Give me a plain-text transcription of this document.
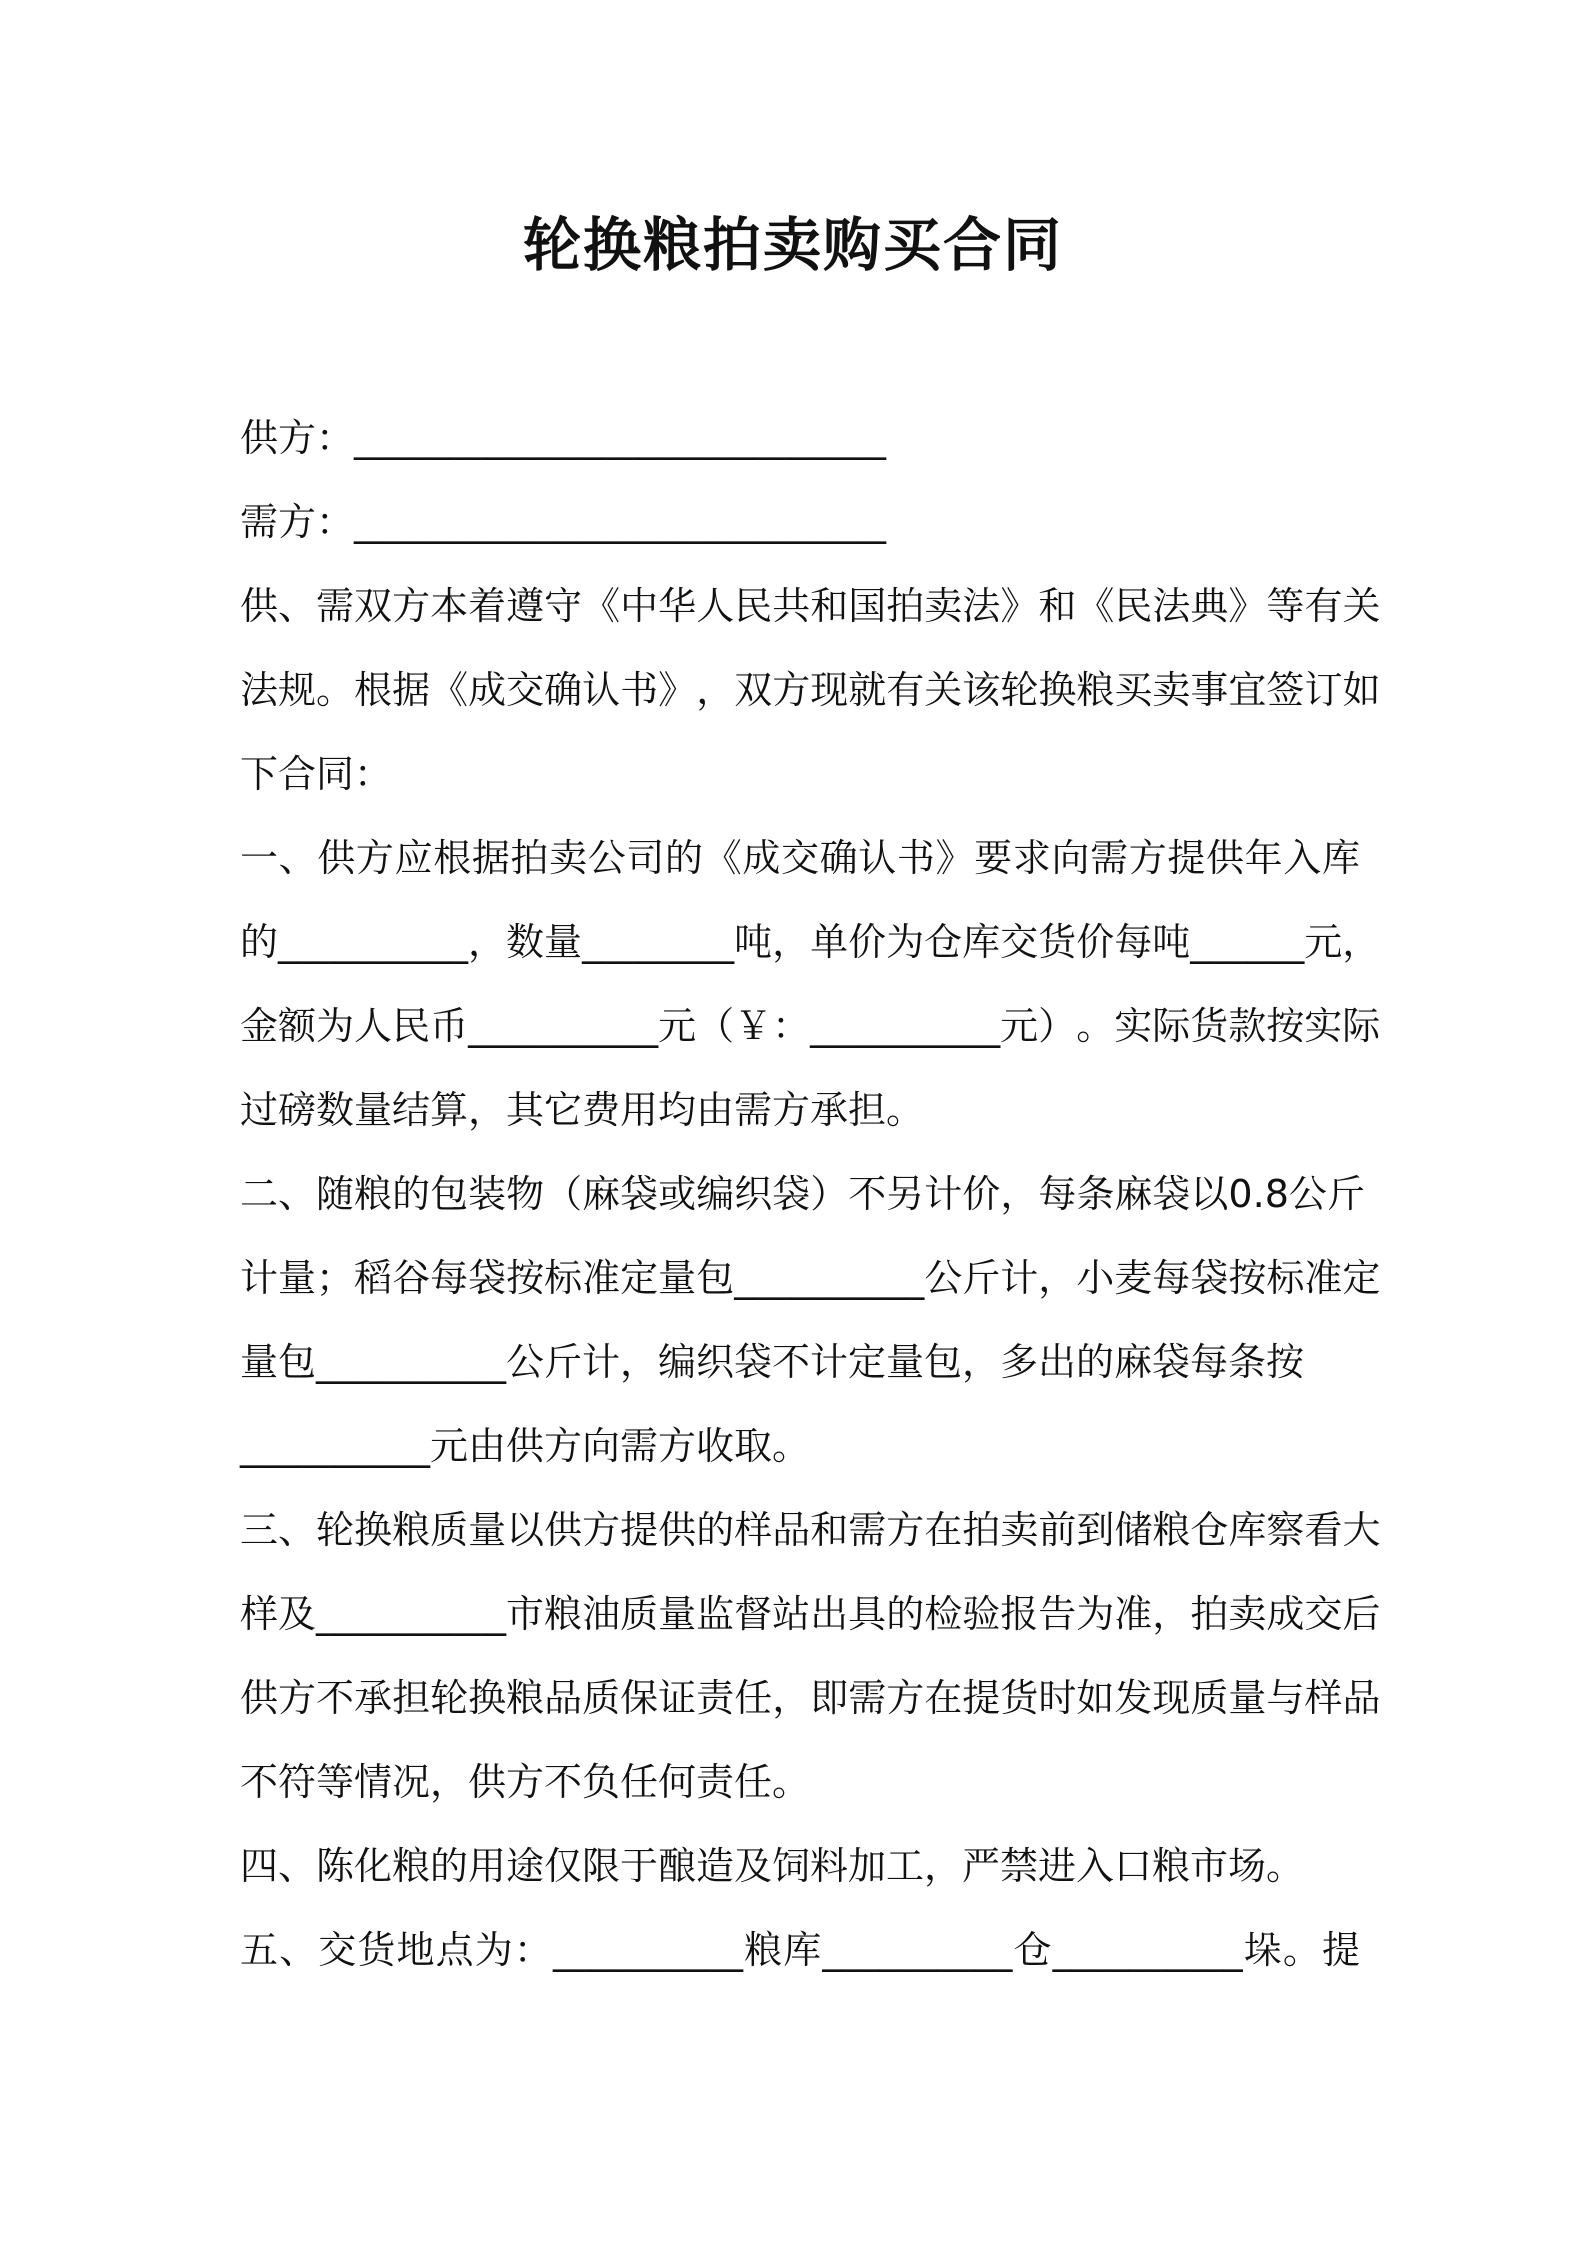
轮换粮拍卖购买合同
供方：____________________________
需方：____________________________
供 、 需 双 方 本 着 遵 守 《 中 华 人 民 共 和 国 拍 卖 法 》 和 《 民 法 典 》 等 有 关
法 规 。 根 据 《 成 交 确 认 书 》 ， 双 方 现 就 有 关 该 轮 换 粮 买 卖 事 宜 签 订 如
下合同：
一 、 供 方 应 根 据 拍 卖 公 司 的 《 成 交 确 认 书 》 要 求 向 需 方 提 供 年 入 库
的 __________ ， 数 量 ________ 吨 ， 单 价 为 仓 库 交 货 价 每 吨 ______ 元 ，
金 额 为 人 民 币 __________ 元 （ ￥ ： __________ 元 ） 。 实 际 货 款 按 实 际
过磅数量结算，其它费用均由需方承担。
二 、 随 粮 的 包 装 物 （ 麻 袋 或 编 织 袋 ） 不 另 计 价 ， 每 条 麻 袋 以 0 . 8 公 斤
计 量 ； 稻 谷 每 袋 按 标 准 定 量 包 __________ 公 斤 计 ， 小 麦 每 袋 按 标 准 定
量包__________公斤计，编织袋不计定量包，多出的麻袋每条按
__________元由供方向需方收取。
三 、 轮 换 粮 质 量 以 供 方 提 供 的 样 品 和 需 方 在 拍 卖 前 到 储 粮 仓 库 察 看 大
样 及 __________ 市 粮 油 质 量 监 督 站 出 具 的 检 验 报 告 为 准 ， 拍 卖 成 交 后
供 方 不 承 担 轮 换 粮 品 质 保 证 责 任 ， 即 需 方 在 提 货 时 如 发 现 质 量 与 样 品
不符等情况，供方不负任何责任。
四、陈化粮的用途仅限于酿造及饲料加工，严禁进入口粮市场。
五 、 交 货 地 点 为 ： __________ 粮 库 __________ 仓 __________ 垛 。 提
